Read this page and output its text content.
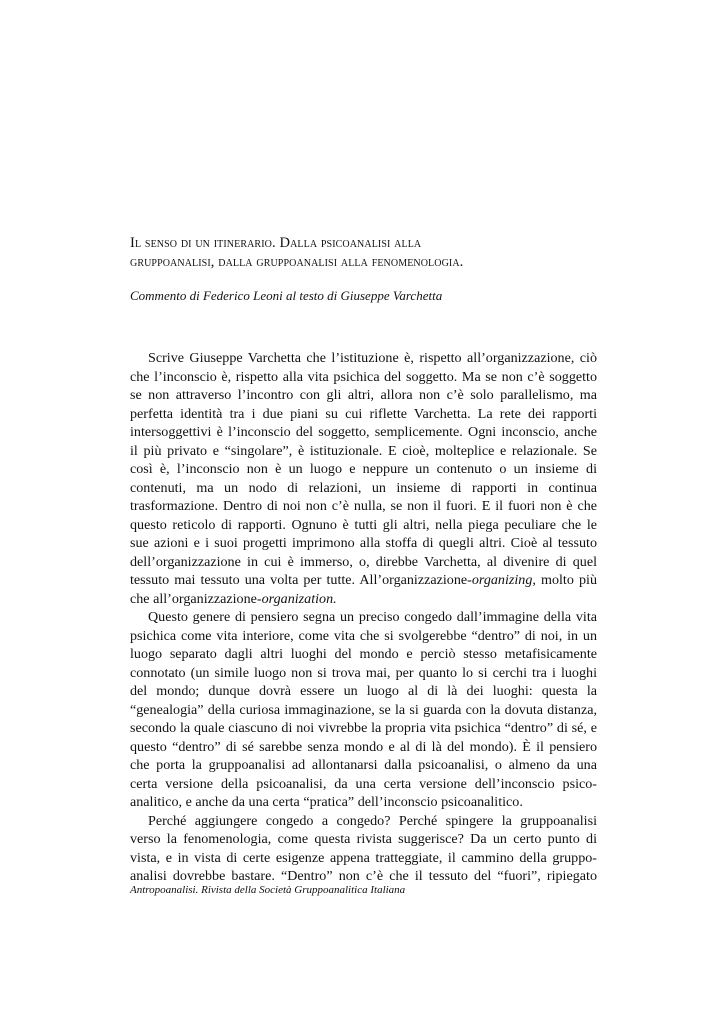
Il senso di un itinerario. Dalla psicoanalisi alla
gruppoanalisi, dalla gruppoanalisi alla fenomenologia.

Commento di Federico Leoni al testo di Giuseppe Varchetta

Scrive Giuseppe Varchetta che l’istituzione è, rispetto all’organizzazione, ciò
che l’inconscio è, rispetto alla vita psichica del soggetto. Ma se non c’è soggetto
se non attraverso l’incontro con gli altri, allora non c’è solo parallelismo, ma
perfetta identità tra i due piani su cui riflette Varchetta. La rete dei rapporti
intersoggettivi è l’inconscio del soggetto, semplicemente. Ogni inconscio, anche
il più privato e “singolare”, è istituzionale. E cioè, molteplice e relazionale. Se
così è, l’inconscio non è un luogo e neppure un contenuto o un insieme di
contenuti, ma un nodo di relazioni, un insieme di rapporti in continua
trasformazione. Dentro di noi non c’è nulla, se non il fuori. E il fuori non è che
questo reticolo di rapporti. Ognuno è tutti gli altri, nella piega peculiare che le
sue azioni e i suoi progetti imprimono alla stoffa di quegli altri. Cioè al tessuto
dell’organizzazione in cui è immerso, o, direbbe Varchetta, al divenire di quel
tessuto mai tessuto una volta per tutte. All’organizzazione-organizing, molto più
che all’organizzazione-organization.

Questo genere di pensiero segna un preciso congedo dall’immagine della vita
psichica come vita interiore, come vita che si svolgerebbe “dentro” di noi, in un
luogo separato dagli altri luoghi del mondo e perciò stesso metafisicamente
connotato (un simile luogo non si trova mai, per quanto lo si cerchi tra i luoghi
del mondo; dunque dovrà essere un luogo al di là dei luoghi: questa la
“genealogia” della curiosa immaginazione, se la si guarda con la dovuta distanza,
secondo la quale ciascuno di noi vivrebbe la propria vita psichica “dentro” di sé, e
questo “dentro” di sé sarebbe senza mondo e al di là del mondo). È il pensiero
che porta la gruppoanalisi ad allontanarsi dalla psicoanalisi, o almeno da una
certa versione della psicoanalisi, da una certa versione dell’inconscio psico-
analitico, e anche da una certa “pratica” dell’inconscio psicoanalitico.

Perché aggiungere congedo a congedo? Perché spingere la gruppoanalisi
verso la fenomenologia, come questa rivista suggerisce? Da un certo punto di
vista, e in vista di certe esigenze appena tratteggiate, il cammino della gruppo-
analisi dovrebbe bastare. “Dentro” non c’è che il tessuto del “fuori”, ripiegato

Antropoanalisi. Rivista della Società Gruppoanalitica Italiana
